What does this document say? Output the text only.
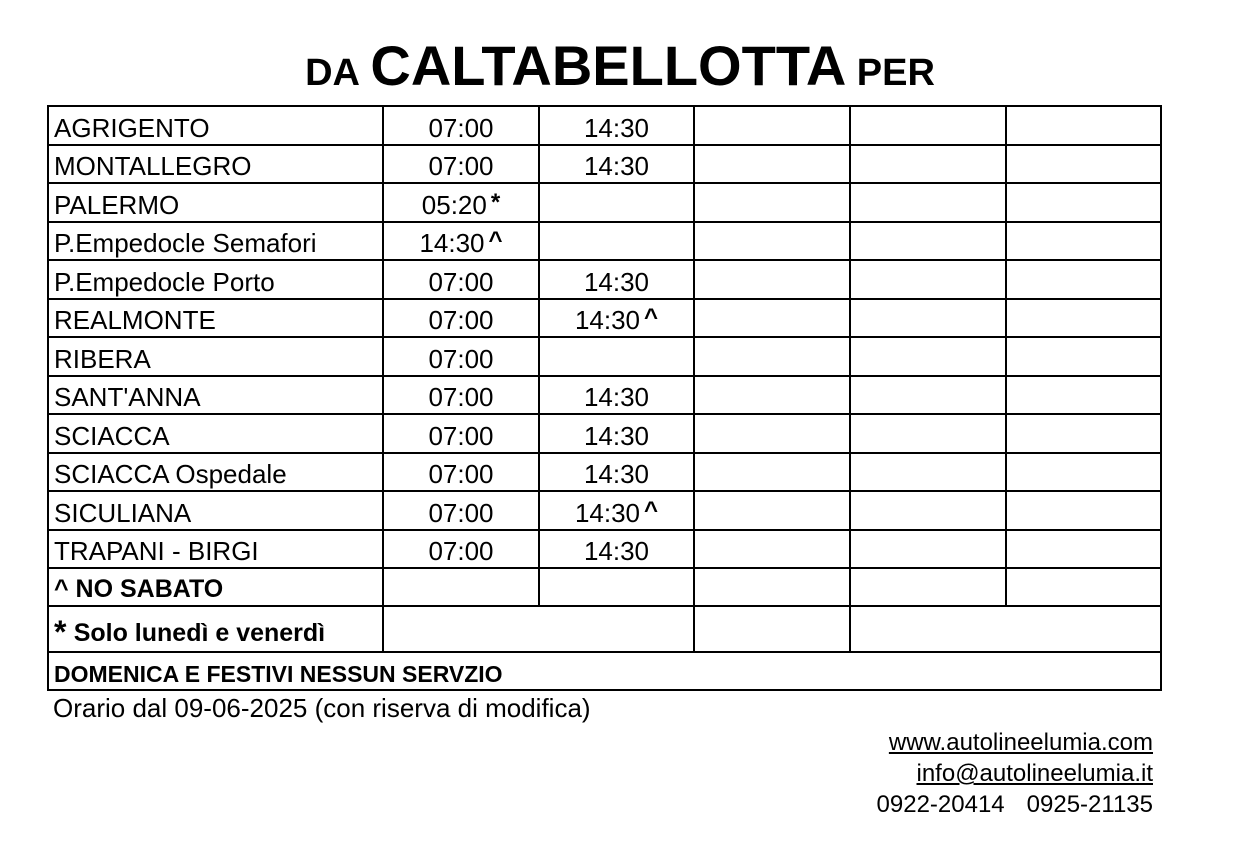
DA CALTABELLOTTA PER
AGRIGENTO	07:00	14:30			
MONTALLEGRO	07:00	14:30			
PALERMO	05:20 *				
P.Empedocle Semafori	14:30 ^				
P.Empedocle Porto	07:00	14:30			
REALMONTE	07:00	14:30 ^			
RIBERA	07:00				
SANT'ANNA	07:00	14:30			
SCIACCA	07:00	14:30			
SCIACCA Ospedale	07:00	14:30			
SICULIANA	07:00	14:30 ^			
TRAPANI - BIRGI	07:00	14:30			
^ NO SABATO					
* Solo lunedì e venerdì					
DOMENICA E FESTIVI NESSUN SERVZIO					
Orario dal 09-06-2025 (con riserva di modifica)
www.autolineelumia.com
info@autolineelumia.it
0922-20414 0925-21135
